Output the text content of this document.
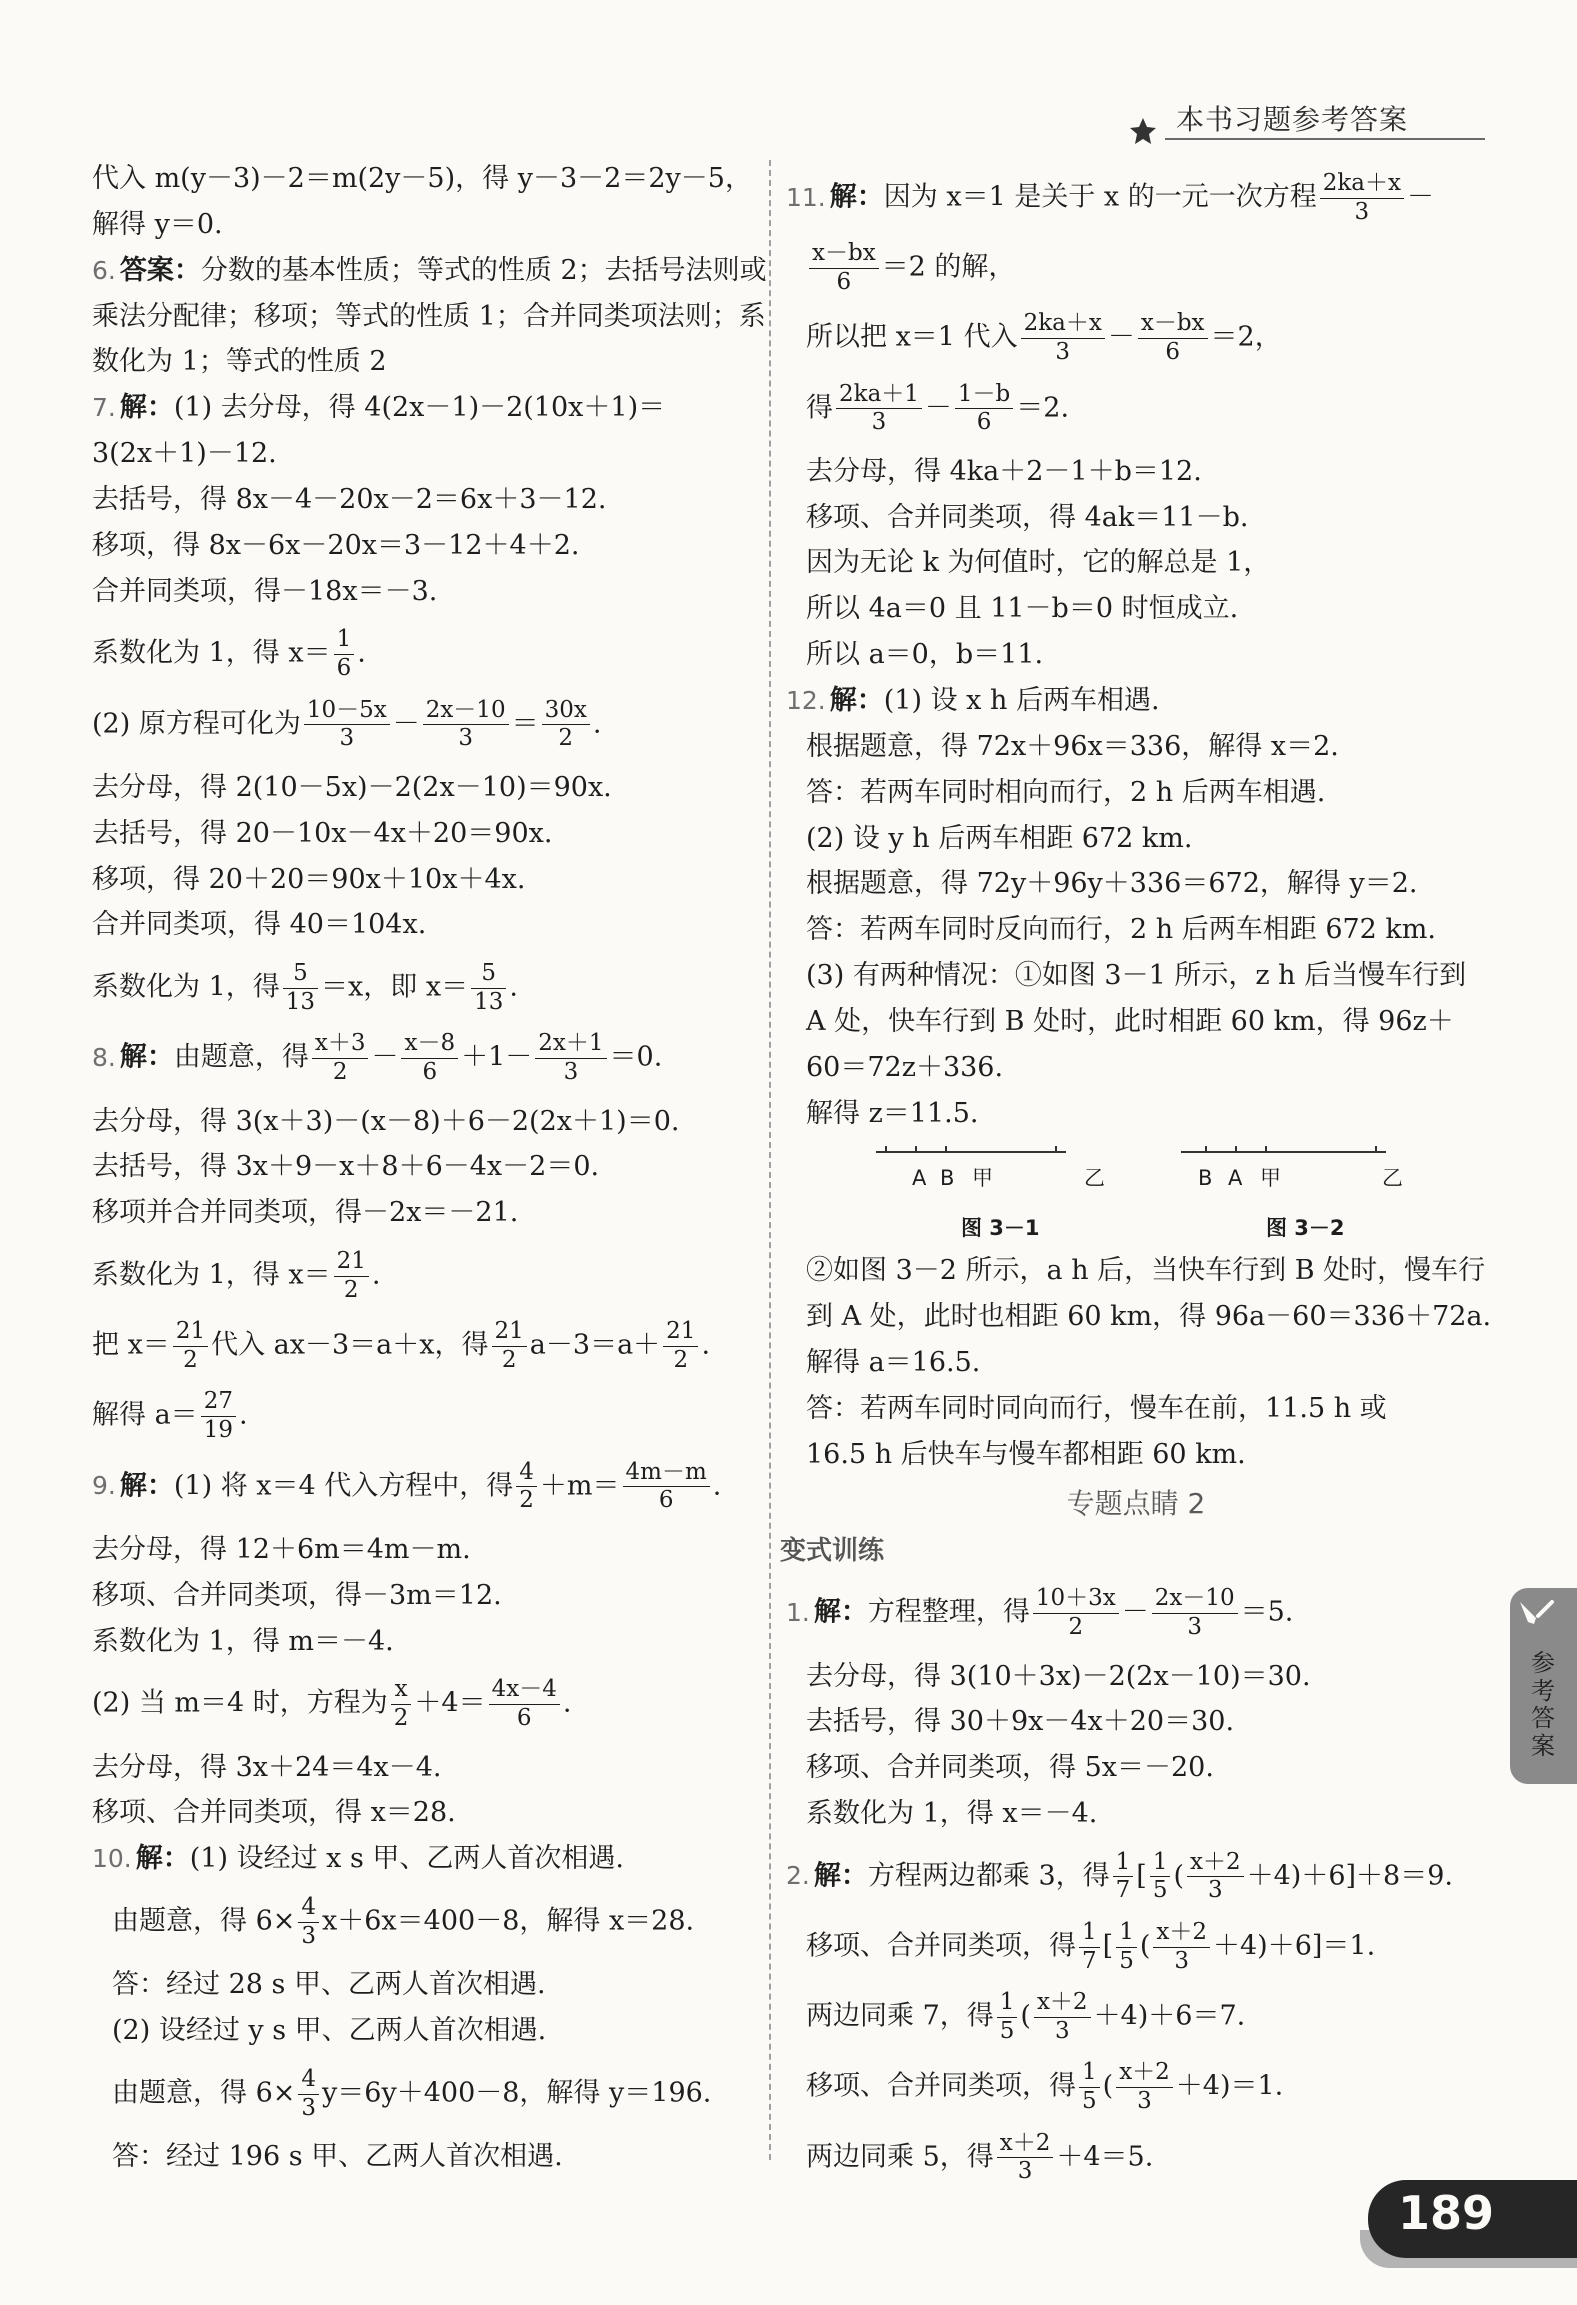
本书习题参考答案
代入 m(y－3)－2＝m(2y－5)，得 y－3－2＝2y－5，
解得 y＝0.
6. 答案：分数的基本性质；等式的性质 2；去括号法则或
乘法分配律；移项；等式的性质 1；合并同类项法则；系
数化为 1；等式的性质 2
7. 解：(1) 去分母，得 4(2x－1)－2(10x＋1)＝
3(2x＋1)－12.
去括号，得 8x－4－20x－2＝6x＋3－12.
移项，得 8x－6x－20x＝3－12＋4＋2.
合并同类项，得－18x＝－3.
系数化为 1，得 $x= \frac{1}{6}$ .
(2) 原方程可化为 $\frac{10-5x}{3} - \frac{2x-10}{3} = \frac{30x}{2}$ .
去分母，得 2(10－5x)－2(2x－10)＝90x.
去括号，得 20－10x－4x＋20＝90x.
移项，得 20＋20＝90x＋10x＋4x.
合并同类项，得 40＝104x.
系数化为 1，得 $\frac{5}{13} =x$，即 $x= \frac{5}{13}$ .
8. 解：由题意，得 $\frac{x+3}{2} - \frac{x-8}{6} +1- \frac{2x+1}{3} =0$.
去分母，得 3(x＋3)－(x－8)＋6－2(2x＋1)＝0.
去括号，得 3x＋9－x＋8＋6－4x－2＝0.
移项并合并同类项，得－2x＝－21.
系数化为 1，得 $x= \frac{21}{2}$ .
把 $x= \frac{21}{2}$ 代入 ax－3＝a＋x，得 $\frac{21}{2} a-3=a+ \frac{21}{2}$ .
解得 $a= \frac{27}{19}$ .
9. 解：(1) 将 x＝4 代入方程中，得 $\frac{4}{2} +m= \frac{4m-m}{6}$ .
去分母，得 12＋6m＝4m－m.
移项、合并同类项，得－3m＝12.
系数化为 1，得 m＝－4.
(2) 当 m＝4 时，方程为 $\frac{x}{2} +4= \frac{4x-4}{6}$ .
去分母，得 3x＋24＝4x－4.
移项、合并同类项，得 x＝28.
10. 解：(1) 设经过 x s 甲、乙两人首次相遇.
由题意，得 $6\times \frac{4}{3} x+6x=400-8$，解得 x＝28.
答：经过 28 s 甲、乙两人首次相遇.
(2) 设经过 y s 甲、乙两人首次相遇.
由题意，得 $6\times \frac{4}{3} y=6y+400-8$，解得 y＝196.
答：经过 196 s 甲、乙两人首次相遇.
11. 解：因为 x＝1 是关于 x 的一元一次方程 $\frac{2ka+x}{3}$ －
$\frac{x-bx}{6} =2$ 的解，
所以把 x＝1 代入 $\frac{2ka+x}{3} - \frac{x-bx}{6} =2$，
得 $\frac{2ka+1}{3} - \frac{1-b}{6} =2$.
去分母，得 4ka＋2－1＋b＝12.
移项、合并同类项，得 4ak＝11－b.
因为无论 k 为何值时，它的解总是 1，
所以 4a＝0 且 11－b＝0 时恒成立.
所以 a＝0，b＝11.
12. 解：(1) 设 x h 后两车相遇.
根据题意，得 72x＋96x＝336，解得 x＝2.
答：若两车同时相向而行，2 h 后两车相遇.
(2) 设 y h 后两车相距 672 km.
根据题意，得 72y＋96y＋336＝672，解得 y＝2.
答：若两车同时反向而行，2 h 后两车相距 672 km.
(3) 有两种情况：①如图 3－1 所示，z h 后当慢车行到
A 处，快车行到 B 处时，此时相距 60 km，得 96z＋
60＝72z＋336.
解得 z＝11.5.
A B 甲	乙
图 3－1
B A 甲	乙
图 3－2
②如图 3－2 所示，a h 后，当快车行到 B 处时，慢车行
到 A 处，此时也相距 60 km，得 96a－60＝336＋72a.
解得 a＝16.5.
答：若两车同时同向而行，慢车在前，11.5 h 或
16.5 h 后快车与慢车都相距 60 km.
专题点睛 2
变式训练
1. 解：方程整理，得 $\frac{10+3x}{2} - \frac{2x-10}{3} =5$.
去分母，得 3(10＋3x)－2(2x－10)＝30.
去括号，得 30＋9x－4x＋20＝30.
移项、合并同类项，得 5x＝－20.
系数化为 1，得 x＝－4.
2. 解：方程两边都乘 3，得 $\frac{1}{7}$ [ $\frac{1}{5}$ ( $\frac{x+2}{3} +4)+6]+8=9$.
移项、合并同类项，得 $\frac{1}{7}$ [ $\frac{1}{5}$ ( $\frac{x+2}{3} +4)+6]=1$.
两边同乘 7，得 $\frac{1}{5}$ ( $\frac{x+2}{3} +4)+6=7$.
移项、合并同类项，得 $\frac{1}{5}$ ( $\frac{x+2}{3} +4)=1$.
两边同乘 5，得 $\frac{x+2}{3} +4=5$.
参考答案
189
